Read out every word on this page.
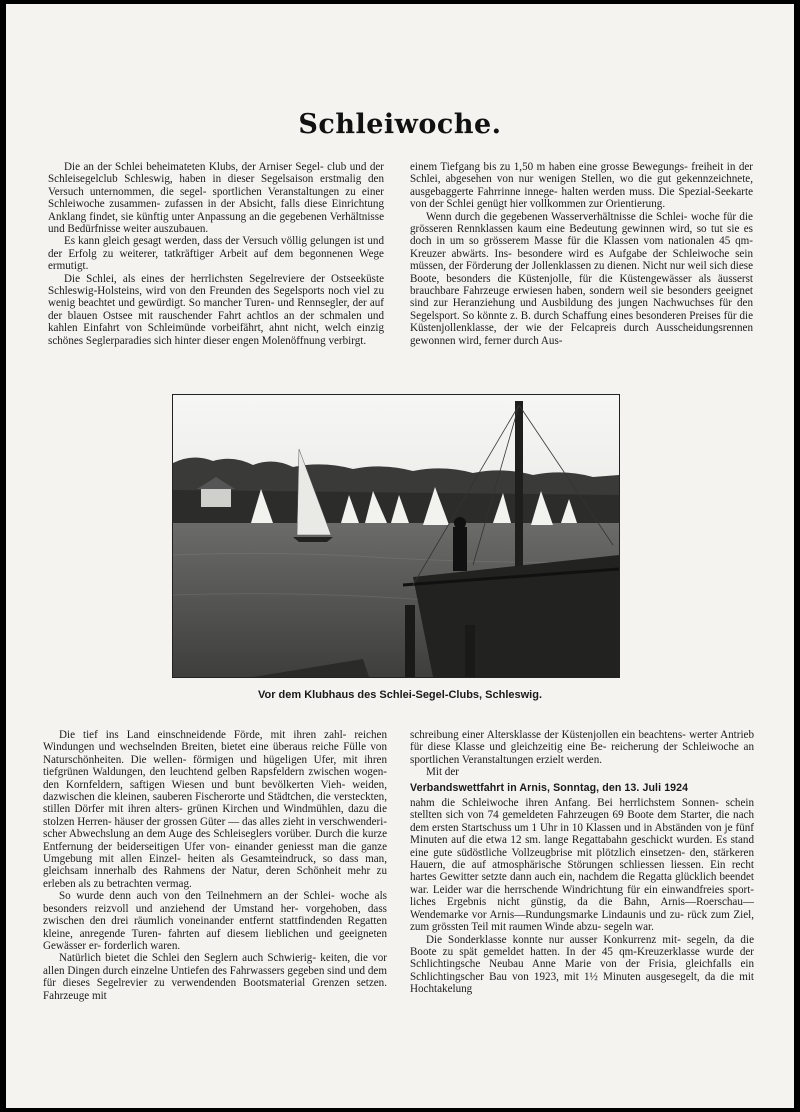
Schleiwoche.

Die an der Schlei beheimateten Klubs, der Arniser Segel- club und der Schleisegelclub Schleswig, haben in dieser Segelsaison erstmalig den Versuch unternommen, die segel- sportlichen Veranstaltungen zu einer Schleiwoche zusammen- zufassen in der Absicht, falls diese Einrichtung Anklang findet, sie künftig unter Anpassung an die gegebenen Verhältnisse und Bedürfnisse weiter auszubauen.

Es kann gleich gesagt werden, dass der Versuch völlig gelungen ist und der Erfolg zu weiterer, tatkräftiger Arbeit auf dem begonnenen Wege ermutigt.

Die Schlei, als eines der herrlichsten Segelreviere der Ostseeküste Schleswig-Holsteins, wird von den Freunden des Segelsports noch viel zu wenig beachtet und gewürdigt. So mancher Turen- und Rennsegler, der auf der blauen Ostsee mit rauschender Fahrt achtlos an der schmalen und kahlen Einfahrt von Schleimünde vorbeifährt, ahnt nicht, welch einzig schönes Seglerparadies sich hinter dieser engen Molenöffnung verbirgt.

einem Tiefgang bis zu 1,50 m haben eine grosse Bewegungs- freiheit in der Schlei, abgesehen von nur wenigen Stellen, wo die gut gekennzeichnete, ausgebaggerte Fahrrinne innege- halten werden muss. Die Spezial-Seekarte von der Schlei genügt hier vollkommen zur Orientierung.

Wenn durch die gegebenen Wasserverhältnisse die Schlei- woche für die grösseren Rennklassen kaum eine Bedeutung gewinnen wird, so tut sie es doch in um so grösserem Masse für die Klassen vom nationalen 45 qm-Kreuzer abwärts. Ins- besondere wird es Aufgabe der Schleiwoche sein müssen, der Förderung der Jollenklassen zu dienen. Nicht nur weil sich diese Boote, besonders die Küstenjolle, für die Küstengewässer als äusserst brauchbare Fahrzeuge erwiesen haben, sondern weil sie besonders geeignet sind zur Heranziehung und Ausbildung des jungen Nachwuchses für den Segelsport. So könnte z. B. durch Schaffung eines besonderen Preises für die Küstenjollenklasse, der wie der Felcapreis durch Ausscheidungsrennen gewonnen wird, ferner durch Aus-

Vor dem Klubhaus des Schlei-Segel-Clubs, Schleswig.

Die tief ins Land einschneidende Förde, mit ihren zahl- reichen Windungen und wechselnden Breiten, bietet eine überaus reiche Fülle von Naturschönheiten. Die wellen- förmigen und hügeligen Ufer, mit ihren tiefgrünen Waldungen, den leuchtend gelben Rapsfeldern zwischen wogen- den Kornfeldern, saftigen Wiesen und bunt bevölkerten Vieh- weiden, dazwischen die kleinen, sauberen Fischerorte und Städtchen, die versteckten, stillen Dörfer mit ihren alters- grünen Kirchen und Windmühlen, dazu die stolzen Herren- häuser der grossen Güter — das alles zieht in verschwenderi- scher Abwechslung an dem Auge des Schleiseglers vorüber. Durch die kurze Entfernung der beiderseitigen Ufer von- einander geniesst man die ganze Umgebung mit allen Einzel- heiten als Gesamteindruck, so dass man, gleichsam innerhalb des Rahmens der Natur, deren Schönheit mehr zu erleben als zu betrachten vermag.

So wurde denn auch von den Teilnehmern an der Schlei- woche als besonders reizvoll und anziehend der Umstand her- vorgehoben, dass zwischen den drei räumlich voneinander entfernt stattfindenden Regatten kleine, anregende Turen- fahrten auf diesem lieblichen und geeigneten Gewässer er- forderlich waren.

Natürlich bietet die Schlei den Seglern auch Schwierig- keiten, die vor allen Dingen durch einzelne Untiefen des Fahrwassers gegeben sind und dem für dieses Segelrevier zu verwendenden Bootsmaterial Grenzen setzen. Fahrzeuge mit

schreibung einer Altersklasse der Küstenjollen ein beachtens- werter Antrieb für diese Klasse und gleichzeitig eine Be- reicherung der Schleiwoche an sportlichen Veranstaltungen erzielt werden.

Mit der

Verbandswettfahrt in Arnis, Sonntag, den 13. Juli 1924

nahm die Schleiwoche ihren Anfang. Bei herrlichstem Sonnen- schein stellten sich von 74 gemeldeten Fahrzeugen 69 Boote dem Starter, die nach dem ersten Startschuss um 1 Uhr in 10 Klassen und in Abständen von je fünf Minuten auf die etwa 12 sm. lange Regattabahn geschickt wurden. Es stand eine gute südöstliche Vollzeugbrise mit plötzlich einsetzen- den, stärkeren Hauern, die auf atmosphärische Störungen schliessen liessen. Ein recht hartes Gewitter setzte dann auch ein, nachdem die Regatta glücklich beendet war. Leider war die herrschende Windrichtung für ein einwandfreies sport- liches Ergebnis nicht günstig, da die Bahn, Arnis—Roerschau— Wendemarke vor Arnis—Rundungsmarke Lindaunis und zu- rück zum Ziel, zum grössten Teil mit raumen Winde abzu- segeln war.

Die Sonderklasse konnte nur ausser Konkurrenz mit- segeln, da die Boote zu spät gemeldet hatten. In der 45 qm-Kreuzerklasse wurde der Schlichtingsche Neubau Anne Marie von der Frisia, gleichfalls ein Schlichtingscher Bau von 1923, mit 1½ Minuten ausgesegelt, da die mit Hochtakelung
